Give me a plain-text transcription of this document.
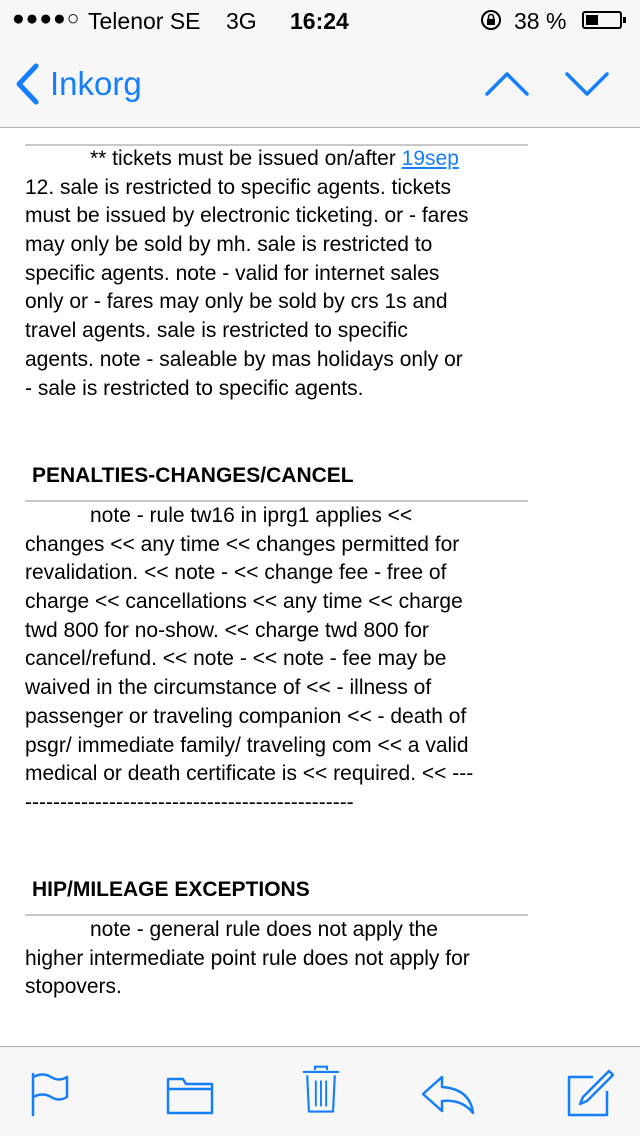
●●●●○ Telenor SE 3G 16:24	38 %
Inkorg
** tickets must be issued on/after 19sep
12. sale is restricted to specific agents. tickets
must be issued by electronic ticketing. or - fares
may only be sold by mh. sale is restricted to
specific agents. note - valid for internet sales
only or - fares may only be sold by crs 1s and
travel agents. sale is restricted to specific
agents. note - saleable by mas holidays only or
- sale is restricted to specific agents.
PENALTIES-CHANGES/CANCEL
note - rule tw16 in iprg1 applies <<
changes << any time << changes permitted for
revalidation. << note - << change fee - free of
charge << cancellations << any time << charge
twd 800 for no-show. << charge twd 800 for
cancel/refund. << note - << note - fee may be
waived in the circumstance of << - illness of
passenger or traveling companion << - death of
psgr/ immediate family/ traveling com << a valid
medical or death certificate is << required. << ---
-----------------------------------------------
HIP/MILEAGE EXCEPTIONS
note - general rule does not apply the
higher intermediate point rule does not apply for
stopovers.
